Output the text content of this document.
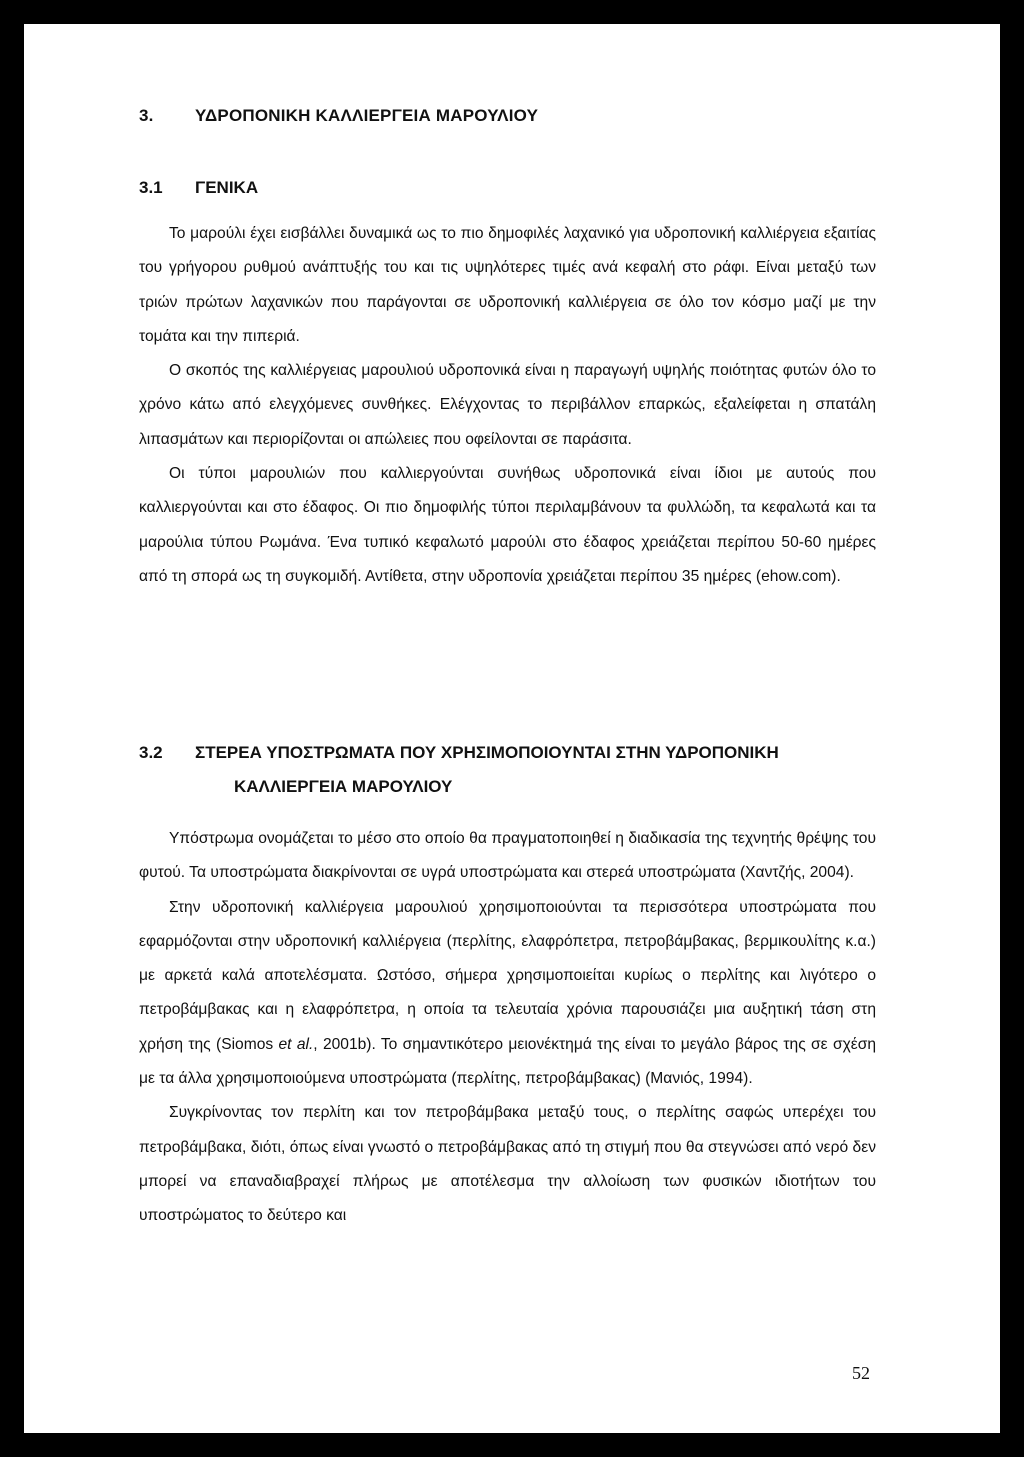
3. ΥΔΡΟΠΟΝΙΚΗ ΚΑΛΛΙΕΡΓΕΙΑ ΜΑΡΟΥΛΙΟΥ
3.1 ΓΕΝΙΚΑ

Το μαρούλι έχει εισβάλλει δυναμικά ως το πιο δημοφιλές λαχανικό για υδροπονική καλλιέργεια εξαιτίας του γρήγορου ρυθμού ανάπτυξής του και τις υψηλότερες τιμές ανά κεφαλή στο ράφι. Είναι μεταξύ των τριών πρώτων λαχανικών που παράγονται σε υδροπονική καλλιέργεια σε όλο τον κόσμο μαζί με την τομάτα και την πιπεριά.

Ο σκοπός της καλλιέργειας μαρουλιού υδροπονικά είναι η παραγωγή υψηλής ποιότητας φυτών όλο το χρόνο κάτω από ελεγχόμενες συνθήκες. Ελέγχοντας το περιβάλλον επαρκώς, εξαλείφεται η σπατάλη λιπασμάτων και περιορίζονται οι απώλειες που οφείλονται σε παράσιτα.

Οι τύποι μαρουλιών που καλλιεργούνται συνήθως υδροπονικά είναι ίδιοι με αυτούς που καλλιεργούνται και στο έδαφος. Οι πιο δημοφιλής τύποι περιλαμβάνουν τα φυλλώδη, τα κεφαλωτά και τα μαρούλια τύπου Ρωμάνα. Ένα τυπικό κεφαλωτό μαρούλι στο έδαφος χρειάζεται περίπου 50-60 ημέρες από τη σπορά ως τη συγκομιδή. Αντίθετα, στην υδροπονία χρειάζεται περίπου 35 ημέρες (ehow.com).

3.2 ΣΤΕΡΕΑ ΥΠΟΣΤΡΩΜΑΤΑ ΠΟΥ ΧΡΗΣΙΜΟΠΟΙΟΥΝΤΑΙ ΣΤΗΝ ΥΔΡΟΠΟΝΙΚΗ
ΚΑΛΛΙΕΡΓΕΙΑ ΜΑΡΟΥΛΙΟΥ

Υπόστρωμα ονομάζεται το μέσο στο οποίο θα πραγματοποιηθεί η διαδικασία της τεχνητής θρέψης του φυτού. Τα υποστρώματα διακρίνονται σε υγρά υποστρώματα και στερεά υποστρώματα (Χαντζής, 2004).

Στην υδροπονική καλλιέργεια μαρουλιού χρησιμοποιούνται τα περισσότερα υποστρώματα που εφαρμόζονται στην υδροπονική καλλιέργεια (περλίτης, ελαφρόπετρα, πετροβάμβακας, βερμικουλίτης κ.α.) με αρκετά καλά αποτελέσματα. Ωστόσο, σήμερα χρησιμοποιείται κυρίως ο περλίτης και λιγότερο ο πετροβάμβακας και η ελαφρόπετρα, η οποία τα τελευταία χρόνια παρουσιάζει μια αυξητική τάση στη χρήση της (Siomos et al., 2001b). Το σημαντικότερο μειονέκτημά της είναι το μεγάλο βάρος της σε σχέση με τα άλλα χρησιμοποιούμενα υποστρώματα (περλίτης, πετροβάμβακας) (Μανιός, 1994).

Συγκρίνοντας τον περλίτη και τον πετροβάμβακα μεταξύ τους, ο περλίτης σαφώς υπερέχει του πετροβάμβακα, διότι, όπως είναι γνωστό ο πετροβάμβακας από τη στιγμή που θα στεγνώσει από νερό δεν μπορεί να επαναδιαβραχεί πλήρως με αποτέλεσμα την αλλοίωση των φυσικών ιδιοτήτων του υποστρώματος το δεύτερο και

52
